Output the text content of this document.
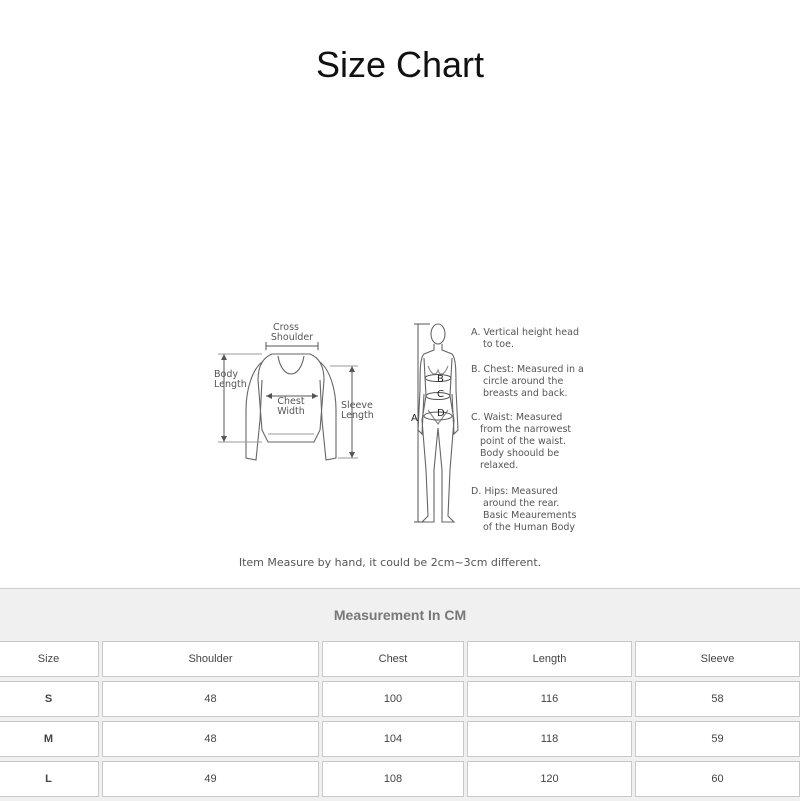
Size Chart
Cross
Shoulder
Body
Length
Chest
Width
Sleeve
Length	A
B
C
D
A. Vertical height head
to toe.
B. Chest: Measured in a
circle around the
breasts and back.
C. Waist: Measured
from the narrowest
point of the waist.
Body shoould be
relaxed.
D. Hips: Measured
around the rear.
Basic Meaurements
of the Human Body
Item Measure by hand, it could be 2cm~3cm different.
Measurement In CM
Size	Shoulder	Chest	Length	Sleeve
S	48	100	116	58
M	48	104	118	59
L	49	108	120	60
